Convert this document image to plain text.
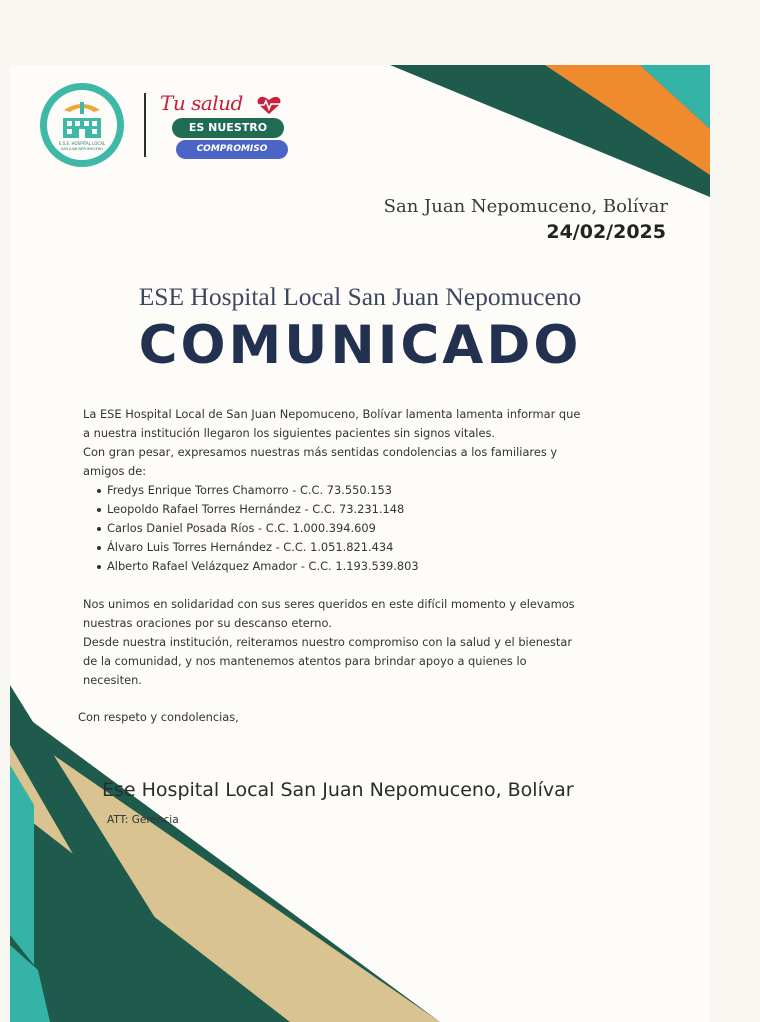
E.S.E. HOSPITAL LOCAL
SAN JUAN NEPOMUCENO
Tu salud
ES NUESTRO
COMPROMISO
San Juan Nepomuceno, Bolívar
24/02/2025
ESE Hospital Local San Juan Nepomuceno
COMUNICADO

La ESE Hospital Local de San Juan Nepomuceno, Bolívar lamenta lamenta informar que

a nuestra institución llegaron los siguientes pacientes sin signos vitales.

Con gran pesar, expresamos nuestras más sentidas condolencias a los familiares y

amigos de:

Fredys Enrique Torres Chamorro - C.C. 73.550.153
Leopoldo Rafael Torres Hernández - C.C. 73.231.148
Carlos Daniel Posada Ríos - C.C. 1.000.394.609
Álvaro Luis Torres Hernández - C.C. 1.051.821.434
Alberto Rafael Velázquez Amador - C.C. 1.193.539.803

Nos unimos en solidaridad con sus seres queridos en este difícil momento y elevamos

nuestras oraciones por su descanso eterno.

Desde nuestra institución, reiteramos nuestro compromiso con la salud y el bienestar

de la comunidad, y nos mantenemos atentos para brindar apoyo a quienes lo

necesiten.

Con respeto y condolencias,
Ese Hospital Local San Juan Nepomuceno, Bolívar
ATT: Gerencia
